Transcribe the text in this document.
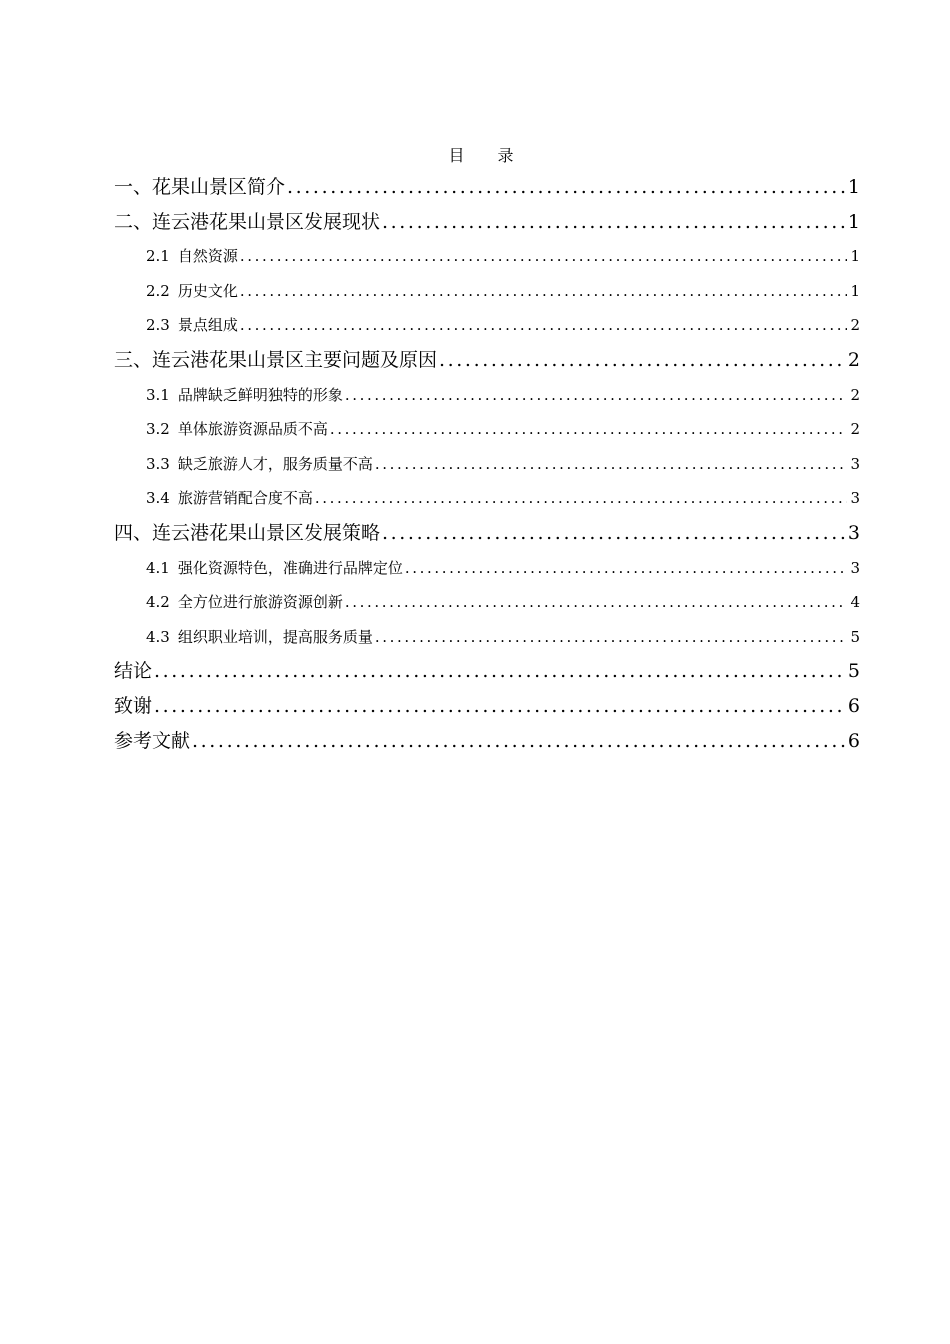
目 录
一、花果山景区简介 .....	1
二、连云港花果山景区发展现状 .....	1
2.1 自然资源 .....	1
2.2 历史文化 .....	1
2.3 景点组成 .....	2
三、连云港花果山景区主要问题及原因 .....	2
3.1 品牌缺乏鲜明独特的形象 .....	2
3.2 单体旅游资源品质不高 .....	2
3.3 缺乏旅游人才，服务质量不高 .....	3
3.4 旅游营销配合度不高 .....	3
四、连云港花果山景区发展策略 .....	3
4.1 强化资源特色，准确进行品牌定位 .....	3
4.2 全方位进行旅游资源创新 .....	4
4.3 组织职业培训，提高服务质量 .....	5
结论 .....	5
致谢 .....	6
参考文献 .....	6
